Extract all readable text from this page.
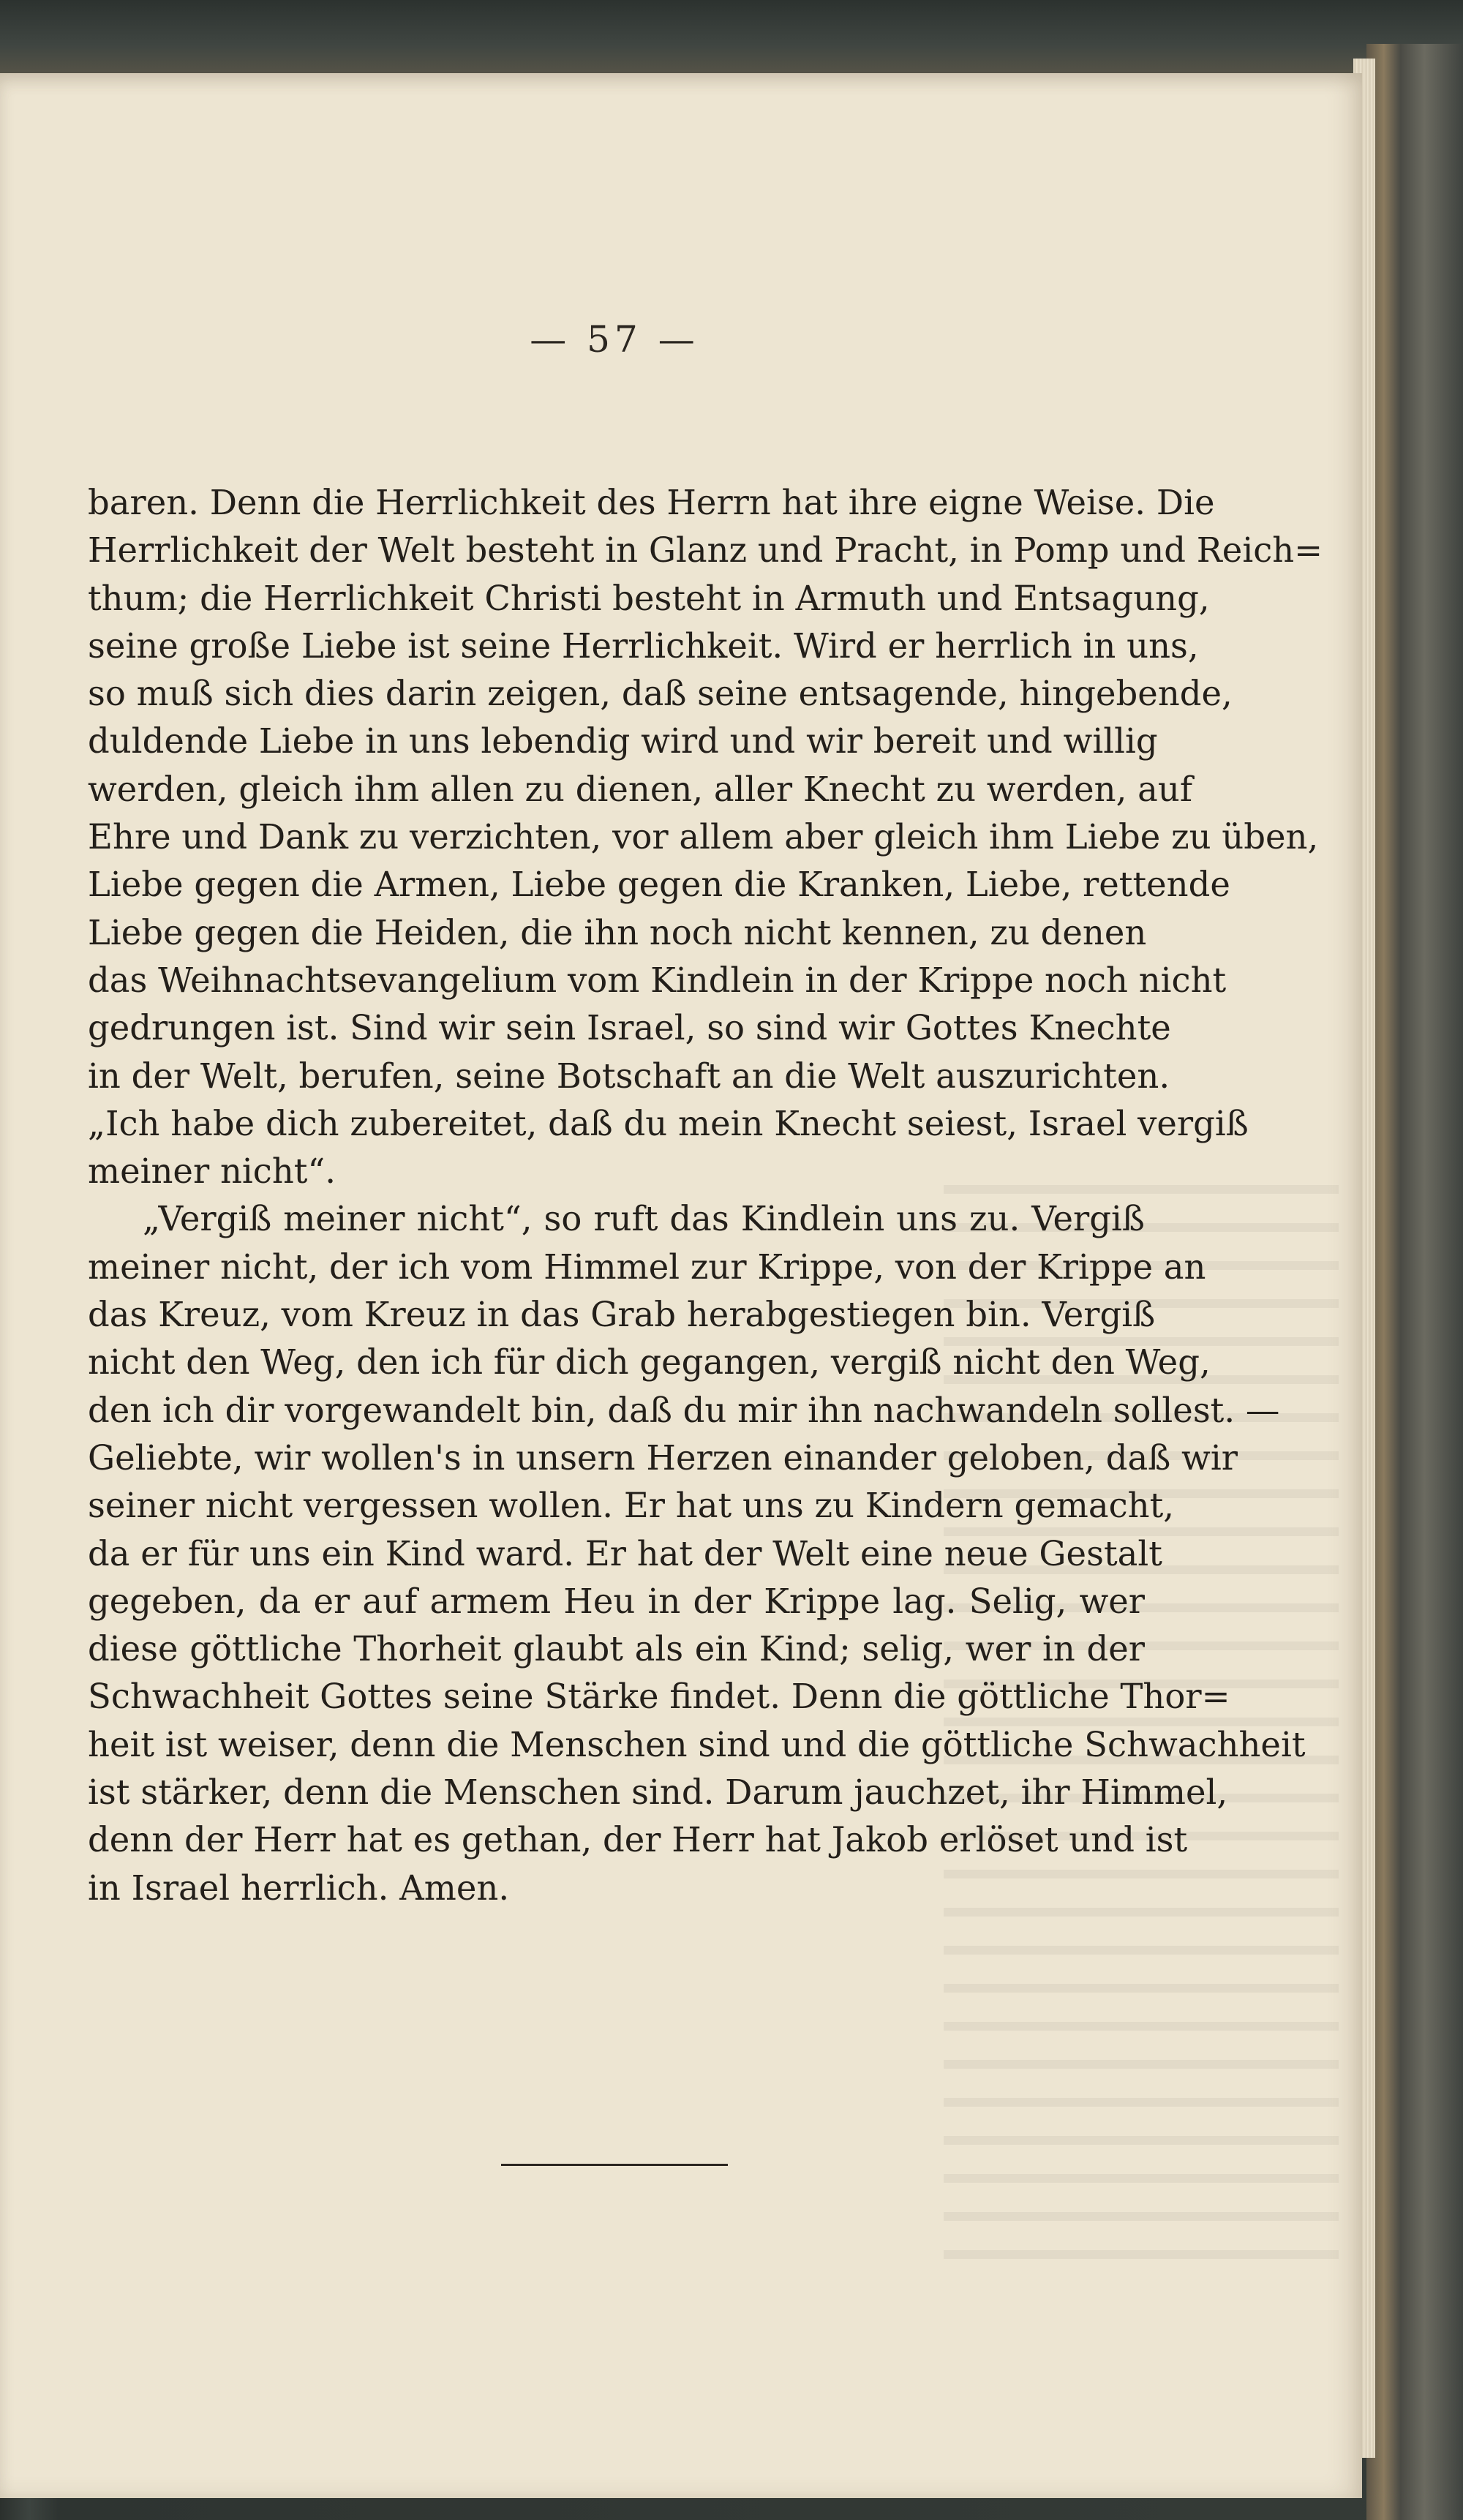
— 57 —
baren. Denn die Herrlichkeit des Herrn hat ihre eigne Weise. Die
Herrlichkeit der Welt besteht in Glanz und Pracht, in Pomp und Reich=
thum; die Herrlichkeit Christi besteht in Armuth und Entsagung,
seine große Liebe ist seine Herrlichkeit. Wird er herrlich in uns,
so muß sich dies darin zeigen, daß seine entsagende, hingebende,
duldende Liebe in uns lebendig wird und wir bereit und willig
werden, gleich ihm allen zu dienen, aller Knecht zu werden, auf
Ehre und Dank zu verzichten, vor allem aber gleich ihm Liebe zu üben,
Liebe gegen die Armen, Liebe gegen die Kranken, Liebe, rettende
Liebe gegen die Heiden, die ihn noch nicht kennen, zu denen
das Weihnachtsevangelium vom Kindlein in der Krippe noch nicht
gedrungen ist. Sind wir sein Israel, so sind wir Gottes Knechte
in der Welt, berufen, seine Botschaft an die Welt auszurichten.
„Ich habe dich zubereitet, daß du mein Knecht seiest, Israel vergiß
meiner nicht“.
„Vergiß meiner nicht“, so ruft das Kindlein uns zu. Vergiß
meiner nicht, der ich vom Himmel zur Krippe, von der Krippe an
das Kreuz, vom Kreuz in das Grab herabgestiegen bin. Vergiß
nicht den Weg, den ich für dich gegangen, vergiß nicht den Weg,
den ich dir vorgewandelt bin, daß du mir ihn nachwandeln sollest. —
Geliebte, wir wollen's in unsern Herzen einander geloben, daß wir
seiner nicht vergessen wollen. Er hat uns zu Kindern gemacht,
da er für uns ein Kind ward. Er hat der Welt eine neue Gestalt
gegeben, da er auf armem Heu in der Krippe lag. Selig, wer
diese göttliche Thorheit glaubt als ein Kind; selig, wer in der
Schwachheit Gottes seine Stärke findet. Denn die göttliche Thor=
heit ist weiser, denn die Menschen sind und die göttliche Schwachheit
ist stärker, denn die Menschen sind. Darum jauchzet, ihr Himmel,
denn der Herr hat es gethan, der Herr hat Jakob erlöset und ist
in Israel herrlich. Amen.
